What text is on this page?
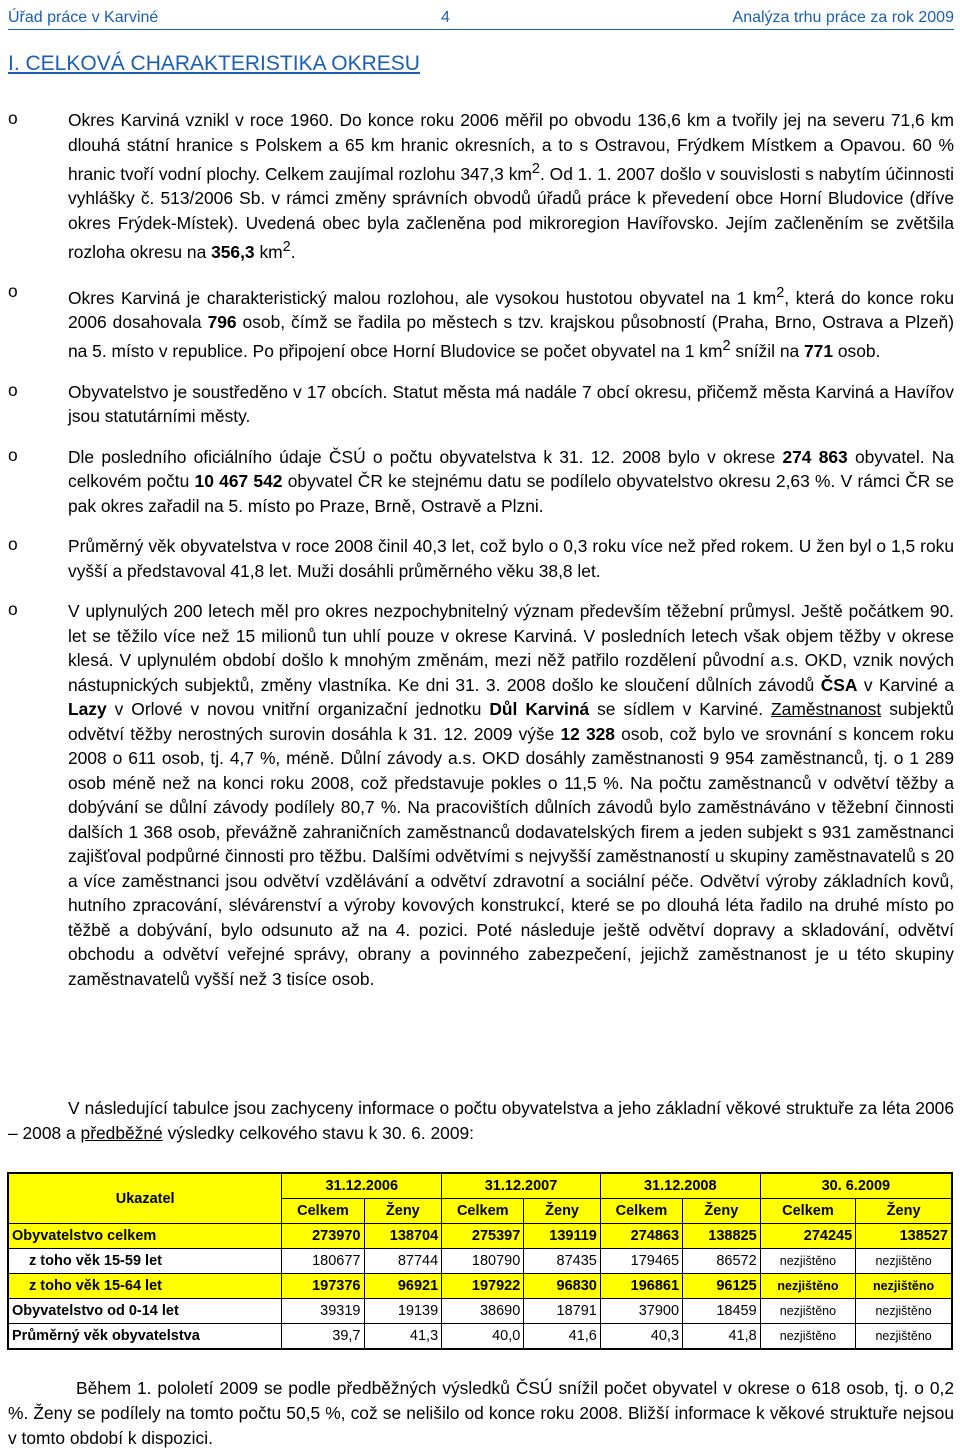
Úřad práce v Karviné	4	Analýza trhu práce za rok 2009
I. CELKOVÁ CHARAKTERISTIKA OKRESU
o	Okres Karviná vznikl v roce 1960. Do konce roku 2006 měřil po obvodu 136,6 km a tvořily jej na severu 71,6 km dlouhá státní hranice s Polskem a 65 km hranic okresních, a to s Ostravou, Frýdkem Místkem a Opavou. 60 % hranic tvoří vodní plochy. Celkem zaujímal rozlohu 347,3 $km^2$. Od 1. 1. 2007 došlo v souvislosti s nabytím účinnosti vyhlášky č. 513/2006 Sb. v rámci změny správních obvodů úřadů práce k převedení obce Horní Bludovice (dříve okres Frýdek-Místek). Uvedená obec byla začleněna pod mikroregion Havířovsko. Jejím začleněním se zvětšila rozloha okresu na 356,3 $km^2$.
o	Okres Karviná je charakteristický malou rozlohou, ale vysokou hustotou obyvatel na 1 $km^2$, která do konce roku 2006 dosahovala 796 osob, čímž se řadila po městech s tzv. krajskou působností (Praha, Brno, Ostrava a Plzeň) na 5. místo v republice. Po připojení obce Horní Bludovice se počet obyvatel na 1 $km^2$ snížil na 771 osob.
o	Obyvatelstvo je soustředěno v 17 obcích. Statut města má nadále 7 obcí okresu, přičemž města Karviná a Havířov jsou statutárními městy.
o	Dle posledního oficiálního údaje ČSÚ o počtu obyvatelstva k 31. 12. 2008 bylo v okrese 274 863 obyvatel. Na celkovém počtu 10 467 542 obyvatel ČR ke stejnému datu se podílelo obyvatelstvo okresu 2,63 %. V rámci ČR se pak okres zařadil na 5. místo po Praze, Brně, Ostravě a Plzni.
o	Průměrný věk obyvatelstva v roce 2008 činil 40,3 let, což bylo o 0,3 roku více než před rokem. U žen byl o 1,5 roku vyšší a představoval 41,8 let. Muži dosáhli průměrného věku 38,8 let.
o	V uplynulých 200 letech měl pro okres nezpochybnitelný význam především těžební průmysl. Ještě počátkem 90. let se těžilo více než 15 milionů tun uhlí pouze v okrese Karviná. V posledních letech však objem těžby v okrese klesá. V uplynulém období došlo k mnohým změnám, mezi něž patřilo rozdělení původní a.s. OKD, vznik nových nástupnických subjektů, změny vlastníka. Ke dni 31. 3. 2008 došlo ke sloučení důlních závodů ČSA v Karviné a Lazy v Orlové v novou vnitřní organizační jednotku Důl Karviná se sídlem v Karviné. Zaměstnanost subjektů odvětví těžby nerostných surovin dosáhla k 31. 12. 2009 výše 12 328 osob, což bylo ve srovnání s koncem roku 2008 o 611 osob, tj. 4,7 %, méně. Důlní závody a.s. OKD dosáhly zaměstnanosti 9 954 zaměstnanců, tj. o 1 289 osob méně než na konci roku 2008, což představuje pokles o 11,5 %. Na počtu zaměstnanců v odvětví těžby a dobývání se důlní závody podílely 80,7 %. Na pracovištích důlních závodů bylo zaměstnáváno v těžební činnosti dalších 1 368 osob, převážně zahraničních zaměstnanců dodavatelských firem a jeden subjekt s 931 zaměstnanci zajišťoval podpůrné činnosti pro těžbu. Dalšími odvětvími s nejvyšší zaměstnaností u skupiny zaměstnavatelů s 20 a více zaměstnanci jsou odvětví vzdělávání a odvětví zdravotní a sociální péče. Odvětví výroby základních kovů, hutního zpracování, slévárenství a výroby kovových konstrukcí, které se po dlouhá léta řadilo na druhé místo po těžbě a dobývání, bylo odsunuto až na 4. pozici. Poté následuje ještě odvětví dopravy a skladování, odvětví obchodu a odvětví veřejné správy, obrany a povinného zabezpečení, jejichž zaměstnanost je u této skupiny zaměstnavatelů vyšší než 3 tisíce osob.
V následující tabulce jsou zachyceny informace o počtu obyvatelstva a jeho základní věkové struktuře za léta 2006 – 2008 a předběžné výsledky celkového stavu k 30. 6. 2009:
Ukazatel	31.12.2006		31.12.2007		31.12.2008		30. 6.2009	
	Celkem	Ženy	Celkem	Ženy	Celkem	Ženy	Celkem	Ženy
Obyvatelstvo celkem	273970	138704	275397	139119	274863	138825	274245	138527
z toho věk 15-59 let	180677	87744	180790	87435	179465	86572	nezjištěno	nezjištěno
z toho věk 15-64 let	197376	96921	197922	96830	196861	96125	nezjištěno	nezjištěno
Obyvatelstvo od 0-14 let	39319	19139	38690	18791	37900	18459	nezjištěno	nezjištěno
Průměrný věk obyvatelstva	39,7	41,3	40,0	41,6	40,3	41,8	nezjištěno	nezjištěno
Během 1. pololetí 2009 se podle předběžných výsledků ČSÚ snížil počet obyvatel v okrese o 618 osob, tj. o 0,2 %. Ženy se podílely na tomto počtu 50,5 %, což se nelišilo od konce roku 2008. Bližší informace k věkové struktuře nejsou v tomto období k dispozici.
